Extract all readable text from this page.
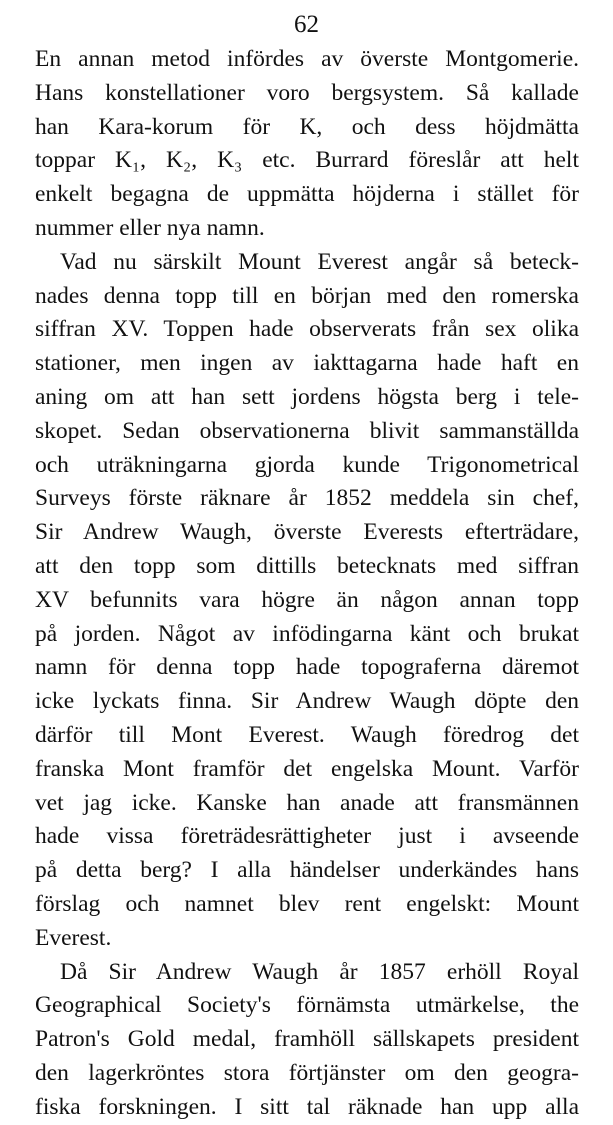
62
En annan metod infördes av överste Montgomerie.
Hans konstellationer voro bergsystem. Så kallade
han Kara-korum för K, och dess höjdmätta
toppar K₁, K₂, K₃ etc. Burrard föreslår att helt
enkelt begagna de uppmätta höjderna i stället för
nummer eller nya namn.
Vad nu särskilt Mount Everest angår så beteck-
nades denna topp till en början med den romerska
siffran XV. Toppen hade observerats från sex olika
stationer, men ingen av iakttagarna hade haft en
aning om att han sett jordens högsta berg i tele-
skopet. Sedan observationerna blivit sammanställda
och uträkningarna gjorda kunde Trigonometrical
Surveys förste räknare år 1852 meddela sin chef,
Sir Andrew Waugh, överste Everests efterträdare,
att den topp som dittills betecknats med siffran
XV befunnits vara högre än någon annan topp
på jorden. Något av infödingarna känt och brukat
namn för denna topp hade topograferna däremot
icke lyckats finna. Sir Andrew Waugh döpte den
därför till Mont Everest. Waugh föredrog det
franska Mont framför det engelska Mount. Varför
vet jag icke. Kanske han anade att fransmännen
hade vissa företrädesrättigheter just i avseende
på detta berg? I alla händelser underkändes hans
förslag och namnet blev rent engelskt: Mount
Everest.
Då Sir Andrew Waugh år 1857 erhöll Royal
Geographical Society's förnämsta utmärkelse, the
Patron's Gold medal, framhöll sällskapets president
den lagerkröntes stora förtjänster om den geogra-
fiska forskningen. I sitt tal räknade han upp alla
